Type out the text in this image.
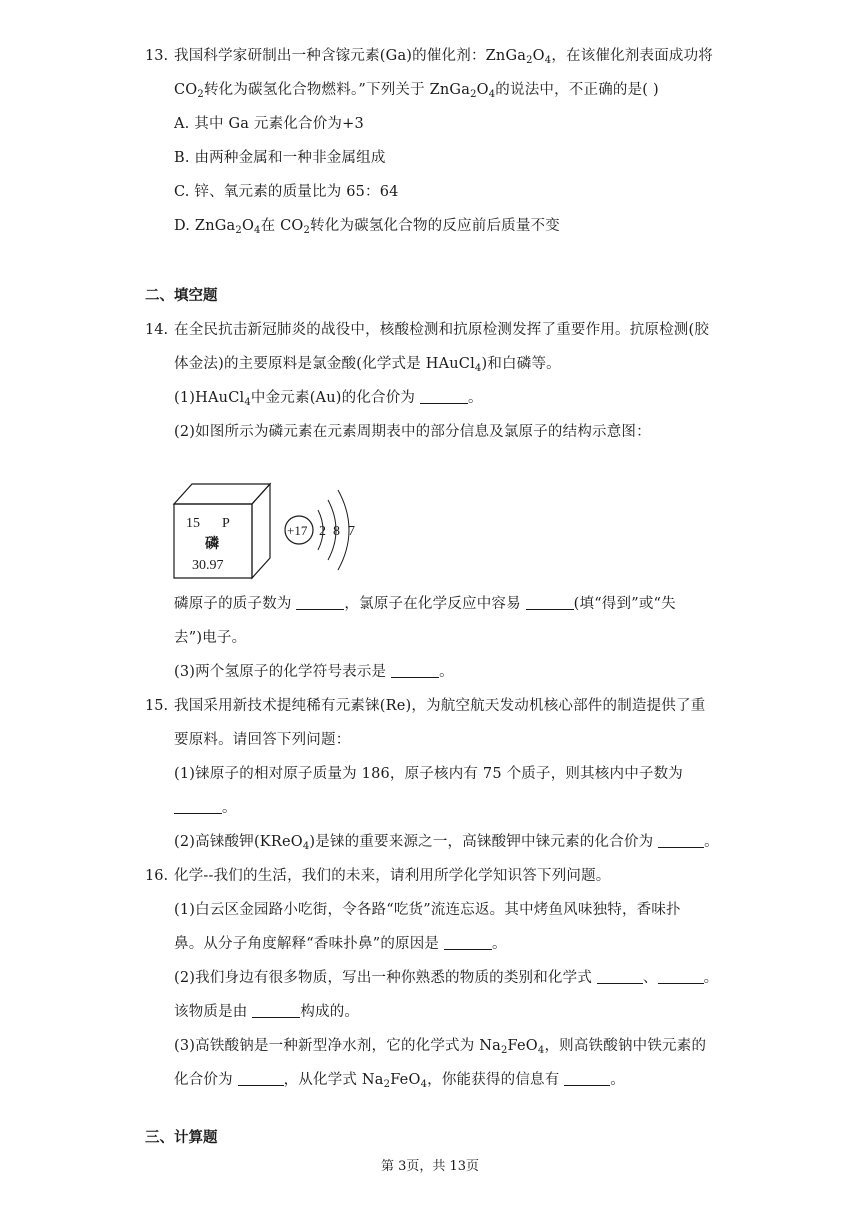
13. 我国科学家研制出一种含镓元素(Ga)的催化剂：$ZnGa_2O_4$，在该催化剂表面成功将
$CO_2$转化为碳氢化合物燃料。”下列关于 $ZnGa_2O_4$的说法中，不正确的是( )
A. 其中 Ga 元素化合价为+3
B. 由两种金属和一种非金属组成
C. 锌、氧元素的质量比为 65：64
D. $ZnGa_2O_4$在 $CO_2$转化为碳氢化合物的反应前后质量不变
二、填空题
14. 在全民抗击新冠肺炎的战役中，核酸检测和抗原检测发挥了重要作用。抗原检测(胶
体金法)的主要原料是氯金酸(化学式是 HAuCl$_4$)和白磷等。
(1)HAuCl$_4$中金元素(Au)的化合价为	。
(2)如图所示为磷元素在元素周期表中的部分信息及氯原子的结构示意图：
15 P
磷
30.97
+17 2 8 7
磷原子的质子数为	，氯原子在化学反应中容易	(填“得到”或“失
去”)电子。
(3)两个氢原子的化学符号表示是	。
15. 我国采用新技术提纯稀有元素铼(Re)，为航空航天发动机核心部件的制造提供了重
要原料。请回答下列问题：
(1)铼原子的相对原子质量为 186，原子核内有 75 个质子，则其核内中子数为
。
(2)高铼酸钾(KReO$_4$)是铼的重要来源之一，高铼酸钾中铼元素的化合价为	。
16. 化学--我们的生活，我们的未来，请利用所学化学知识答下列问题。
(1)白云区金园路小吃街，令各路“吃货”流连忘返。其中烤鱼风味独特，香味扑
鼻。从分子角度解释“香味扑鼻”的原因是	。
(2)我们身边有很多物质，写出一种你熟悉的物质的类别和化学式	、	。
该物质是由	构成的。
(3)高铁酸钠是一种新型净水剂，它的化学式为 $Na_2FeO_4$，则高铁酸钠中铁元素的
化合价为	，从化学式 $Na_2FeO_4$，你能获得的信息有	。
三、计算题
第 3页，共 13页
